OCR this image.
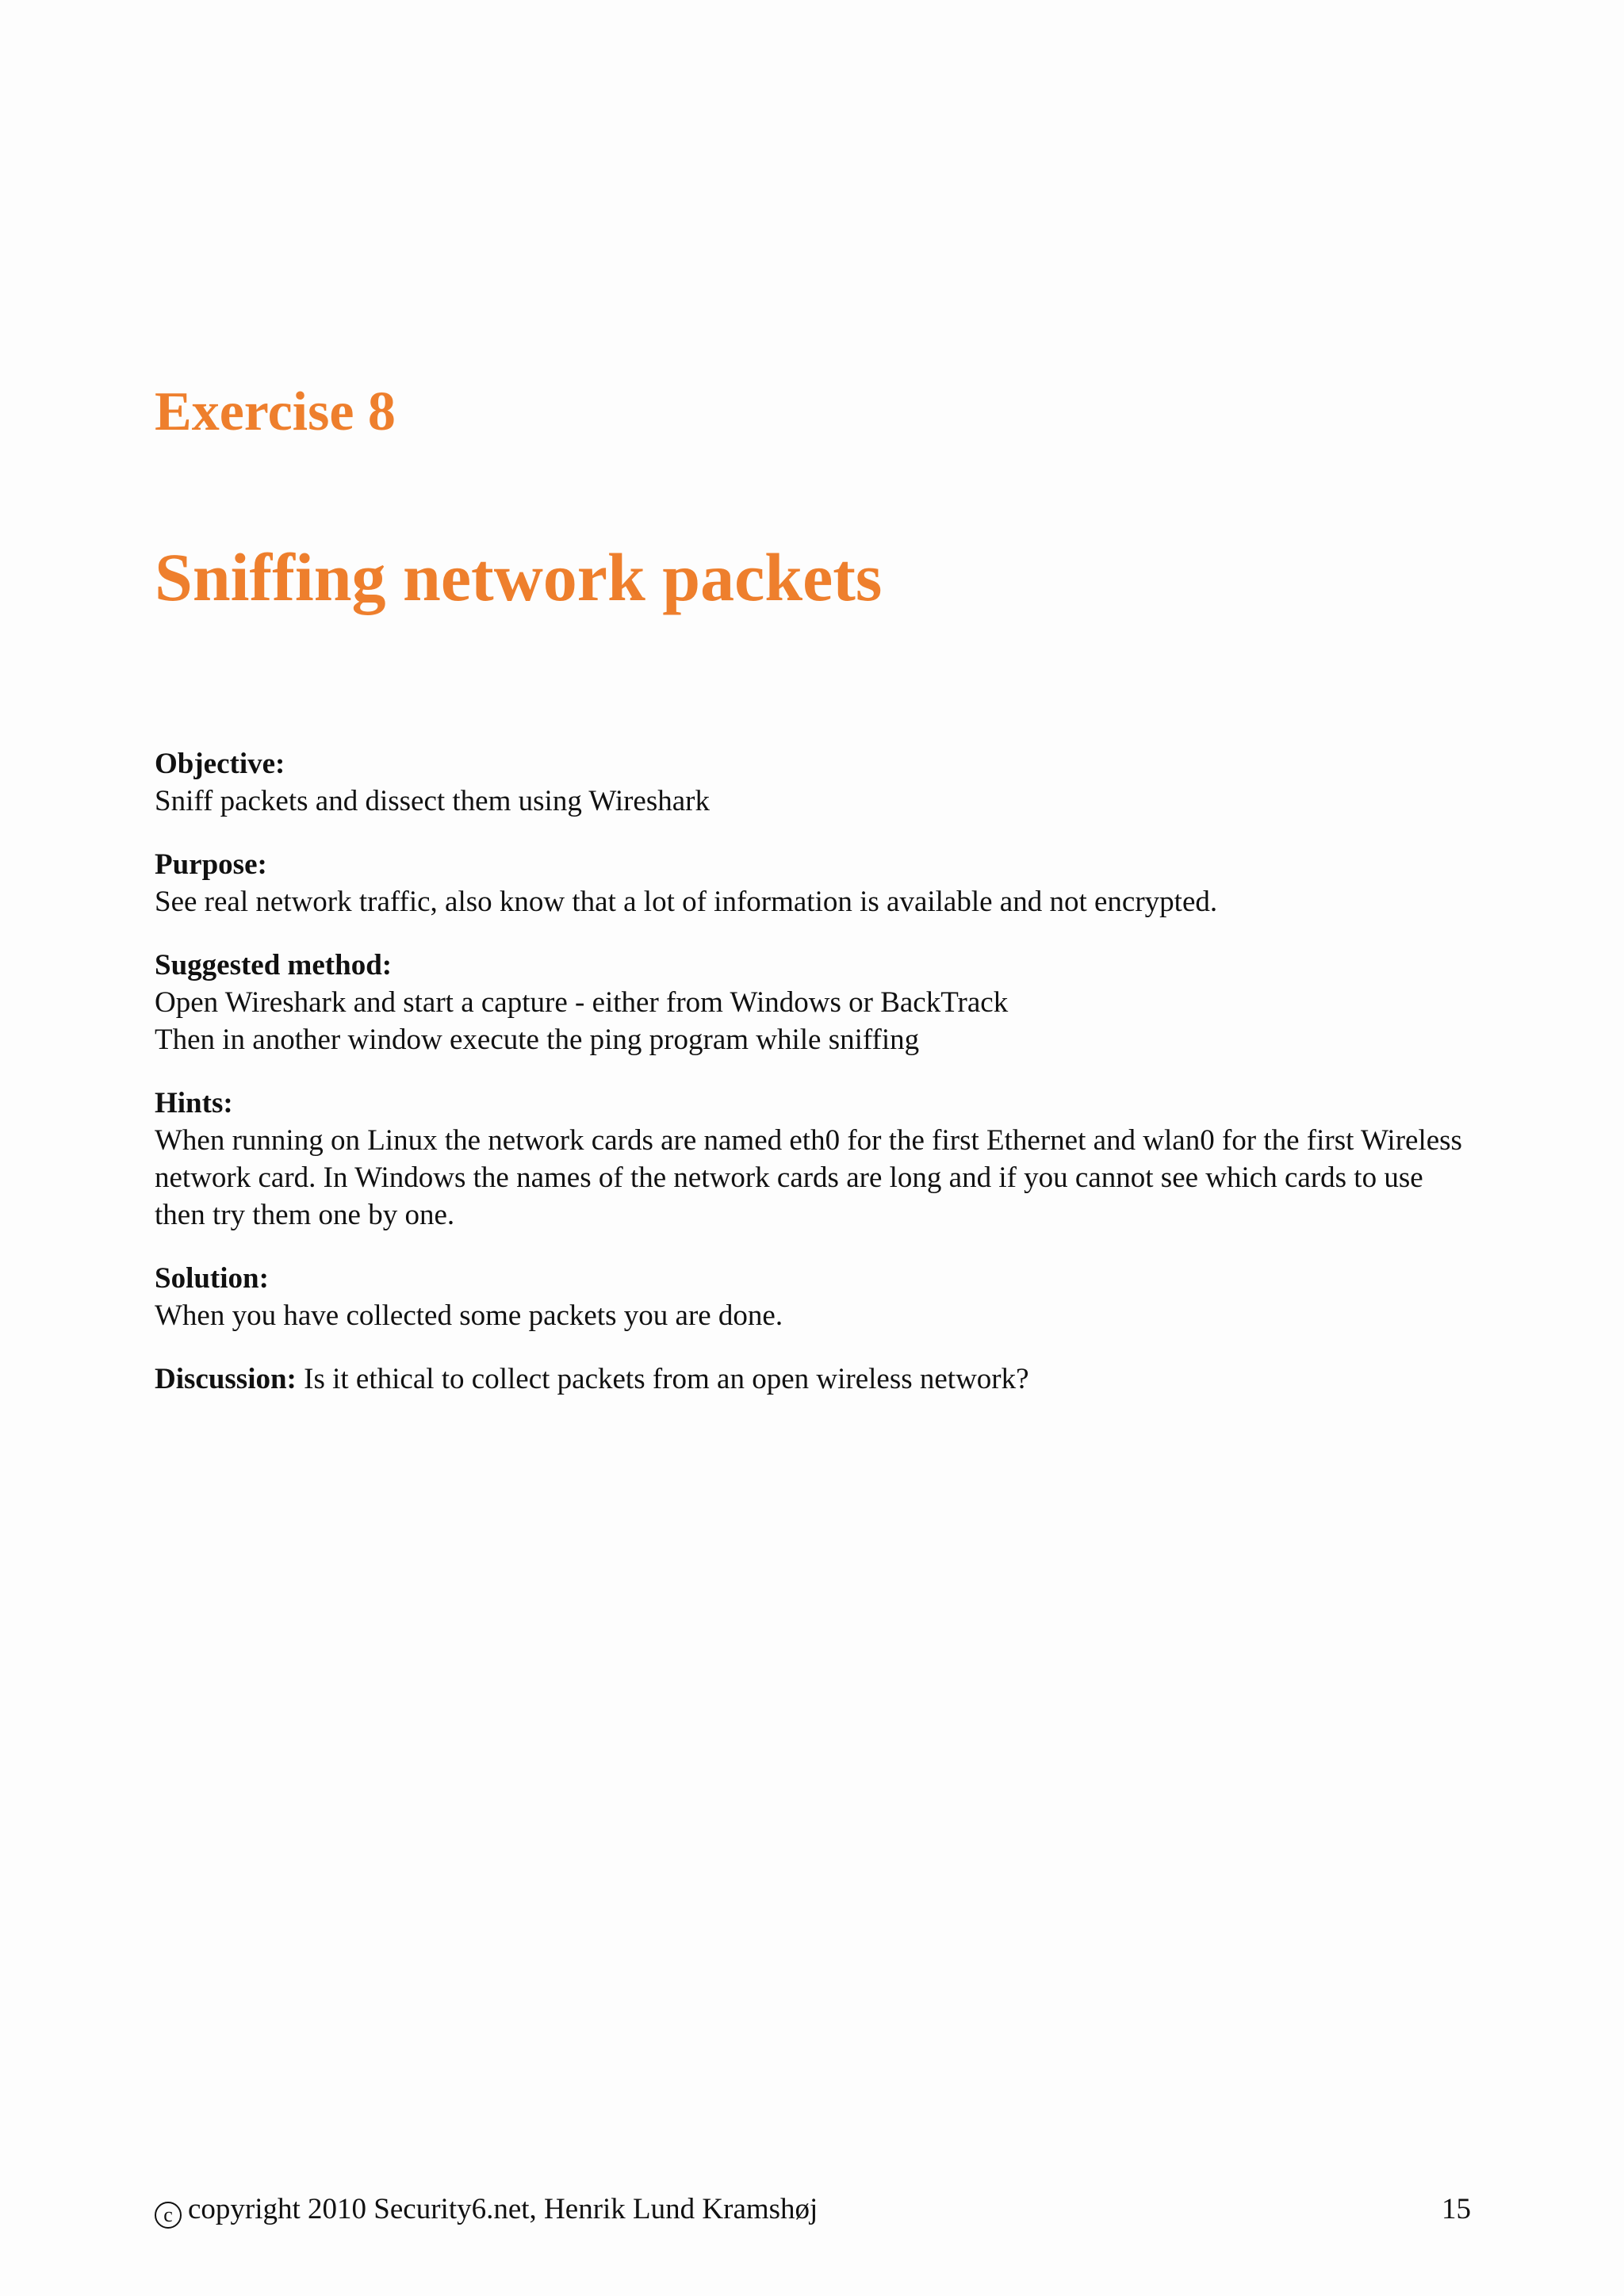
Exercise 8
Sniffing network packets
Objective:
Sniff packets and dissect them using Wireshark
Purpose:
See real network traffic, also know that a lot of information is available and not encrypted.
Suggested method:
Open Wireshark and start a capture - either from Windows or BackTrack
Then in another window execute the ping program while sniffing
Hints:
When running on Linux the network cards are named eth0 for the first Ethernet and wlan0 for the first Wireless
network card. In Windows the names of the network cards are long and if you cannot see which cards to use
then try them one by one.
Solution:
When you have collected some packets you are done.
Discussion: Is it ethical to collect packets from an open wireless network?
c copyright 2010 Security6.net, Henrik Lund Kramshøj	15
